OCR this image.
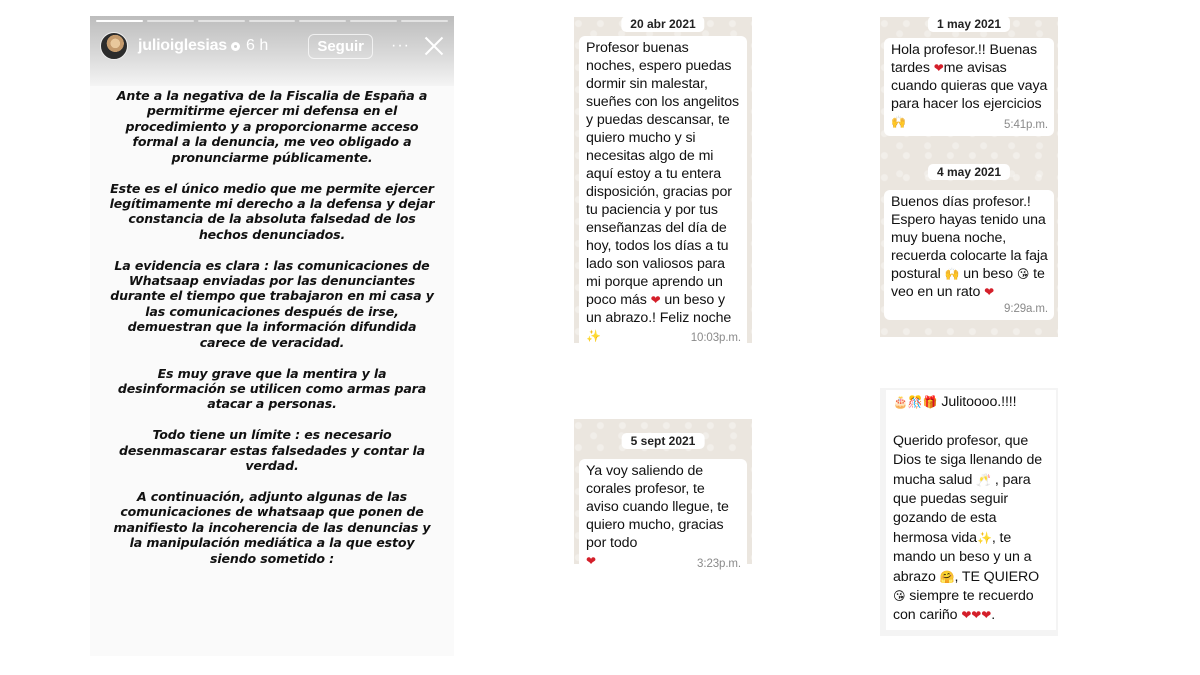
julioiglesias 6 h	Seguir	···

Ante a la negativa de la Fiscalia de España a permitirme ejercer mi defensa en el procedimiento y a proporcionarme acceso formal a la denuncia, me veo obligado a pronunciarme públicamente.

Este es el único medio que me permite ejercer legítimamente mi derecho a la defensa y dejar constancia de la absoluta falsedad de los hechos denunciados.

La evidencia es clara : las comunicaciones de Whatsaap enviadas por las denunciantes durante el tiempo que trabajaron en mi casa y las comunicaciones después de irse, demuestran que la información difundida carece de veracidad.

Es muy grave que la mentira y la desinformación se utilicen como armas para atacar a personas.

Todo tiene un límite : es necesario desenmascarar estas falsedades y contar la verdad.

A continuación, adjunto algunas de las comunicaciones de whatsaap que ponen de manifiesto la incoherencia de las denuncias y la manipulación mediática a la que estoy siendo sometido :

20 abr 2021
Profesor buenas noches, espero puedas dormir sin malestar, sueñes con los angelitos y puedas descansar, te quiero mucho y si necesitas algo de mi aquí estoy a tu entera disposición, gracias por tu paciencia y por tus enseñanzas del día de hoy, todos los días a tu lado son valiosos para mi porque aprendo un poco más ❤ un beso y un abrazo.! Feliz noche
✨	10:03p.m.
1 may 2021
Hola profesor.!! Buenas tardes ❤me avisas cuando quieras que vaya para hacer los ejercicios
🙌	5:41p.m.
4 may 2021
Buenos días profesor.! Espero hayas tenido una muy buena noche, recuerda colocarte la faja postural 🙌 un beso 😘 te veo en un rato ❤
9:29a.m.
5 sept 2021
Ya voy saliendo de corales profesor, te aviso cuando llegue, te quiero mucho, gracias por todo
❤	3:23p.m.
🎂🎊🎁 Julitoooo.!!!!

Querido profesor, que Dios te siga llenando de mucha salud 🥂 , para que puedas seguir gozando de esta hermosa vida✨, te mando un beso y un a abrazo 🤗, TE QUIERO 😘 siempre te recuerdo con cariño ❤❤❤.
